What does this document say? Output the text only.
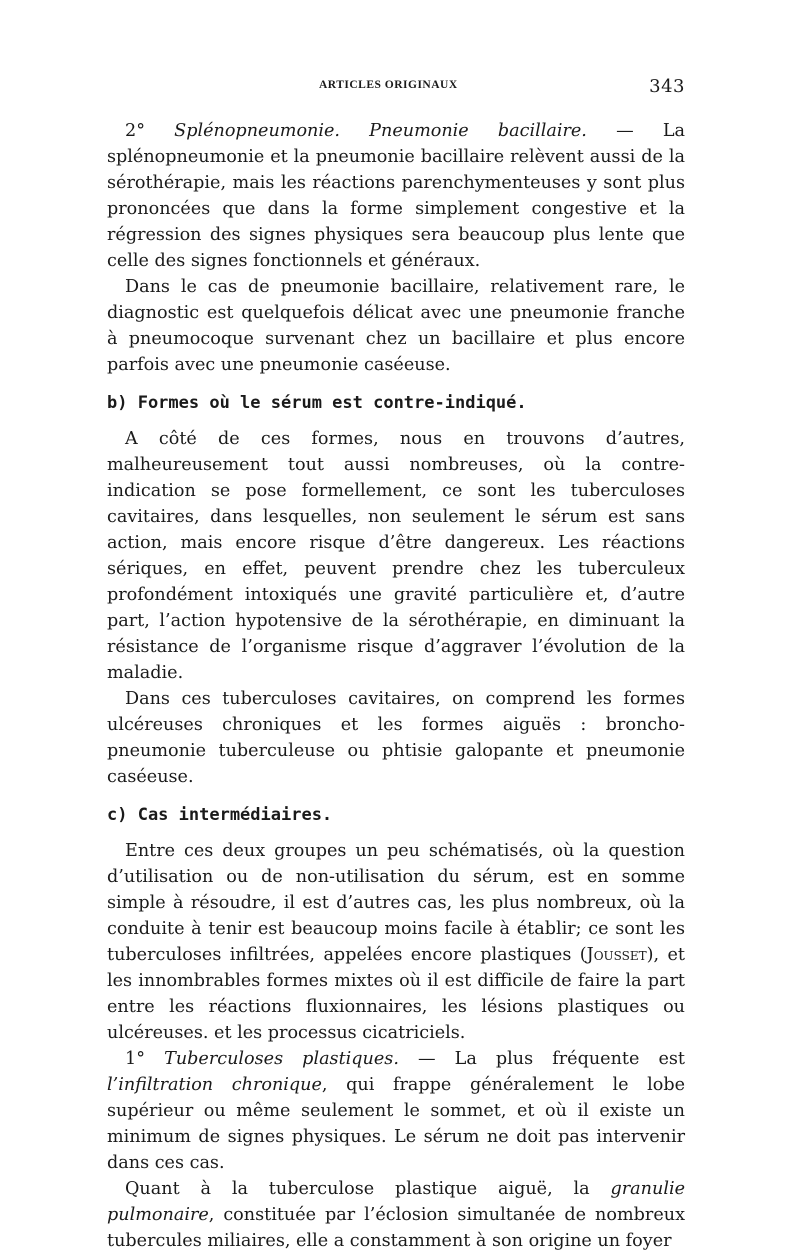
ARTICLES ORIGINAUX	343

2° Splénopneumonie. Pneumonie bacillaire. — La splénopneumonie et la pneumonie bacillaire relèvent aussi de la sérothérapie, mais les réactions parenchymenteuses y sont plus prononcées que dans la forme simplement congestive et la régression des signes physiques sera beaucoup plus lente que celle des signes fonctionnels et généraux.

Dans le cas de pneumonie bacillaire, relativement rare, le diagnostic est quelquefois délicat avec une pneumonie franche à pneumocoque survenant chez un bacillaire et plus encore parfois avec une pneumonie caséeuse.

b) Formes où le sérum est contre-indiqué.

A côté de ces formes, nous en trouvons d’autres, malheureusement tout aussi nombreuses, où la contre-indication se pose formellement, ce sont les tuberculoses cavitaires, dans lesquelles, non seulement le sérum est sans action, mais encore risque d’être dangereux. Les réactions sériques, en effet, peuvent prendre chez les tuberculeux profondément intoxiqués une gravité particulière et, d’autre part, l’action hypotensive de la sérothérapie, en diminuant la résistance de l’organisme risque d’aggraver l’évolution de la maladie.

Dans ces tuberculoses cavitaires, on comprend les formes ulcéreuses chroniques et les formes aiguës : broncho-pneumonie tuberculeuse ou phtisie galopante et pneumonie caséeuse.

c) Cas intermédiaires.

Entre ces deux groupes un peu schématisés, où la question d’utilisation ou de non-utilisation du sérum, est en somme simple à résoudre, il est d’autres cas, les plus nombreux, où la conduite à tenir est beaucoup moins facile à établir; ce sont les tuberculoses infiltrées, appelées encore plastiques (Jousset), et les innombrables formes mixtes où il est difficile de faire la part entre les réactions fluxionnaires, les lésions plastiques ou ulcéreuses. et les processus cicatriciels.

1° Tuberculoses plastiques. — La plus fréquente est l’infiltration chronique, qui frappe généralement le lobe supérieur ou même seulement le sommet, et où il existe un minimum de signes physiques. Le sérum ne doit pas intervenir dans ces cas.

Quant à la tuberculose plastique aiguë, la granulie pulmonaire, constituée par l’éclosion simultanée de nombreux tubercules miliaires, elle a constamment à son origine un foyer
